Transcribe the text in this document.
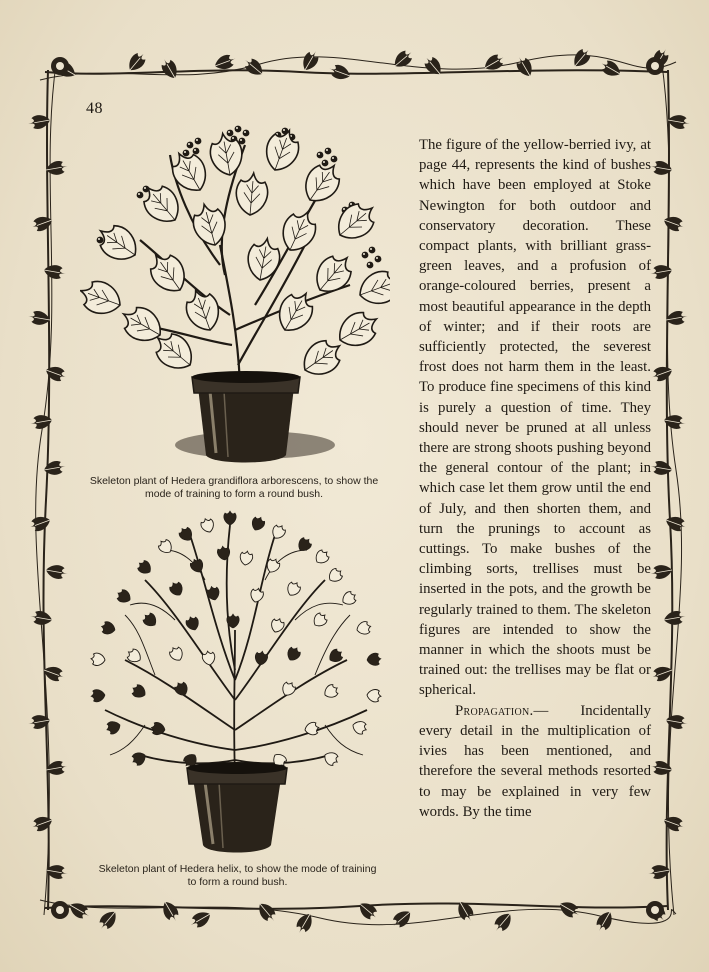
48
Skeleton plant of Hedera grandiflora arborescens, to show the
mode of training to form a round bush.
Skeleton plant of Hedera helix, to show the mode of training
to form a round bush.

The figure of the yellow-berried ivy, at page 44, represents the kind of bushes which have been employed at Stoke Newington for both outdoor and conservatory decoration. These compact plants, with brilliant grass-green leaves, and a profusion of orange-coloured berries, present a most beautiful appearance in the depth of winter; and if their roots are sufficiently protected, the severest frost does not harm them in the least. To produce fine specimens of this kind is purely a question of time. They should never be pruned at all unless there are strong shoots pushing beyond the general contour of the plant; in which case let them grow until the end of July, and then shorten them, and turn the prunings to account as cuttings. To make bushes of the climbing sorts, trellises must be inserted in the pots, and the growth be regularly trained to them. The skeleton figures are intended to show the manner in which the shoots must be trained out: the trellises may be flat or spherical.

Propagation.— Incidentally every detail in the multiplication of ivies has been mentioned, and therefore the several methods resorted to may be explained in very few words. By the time
